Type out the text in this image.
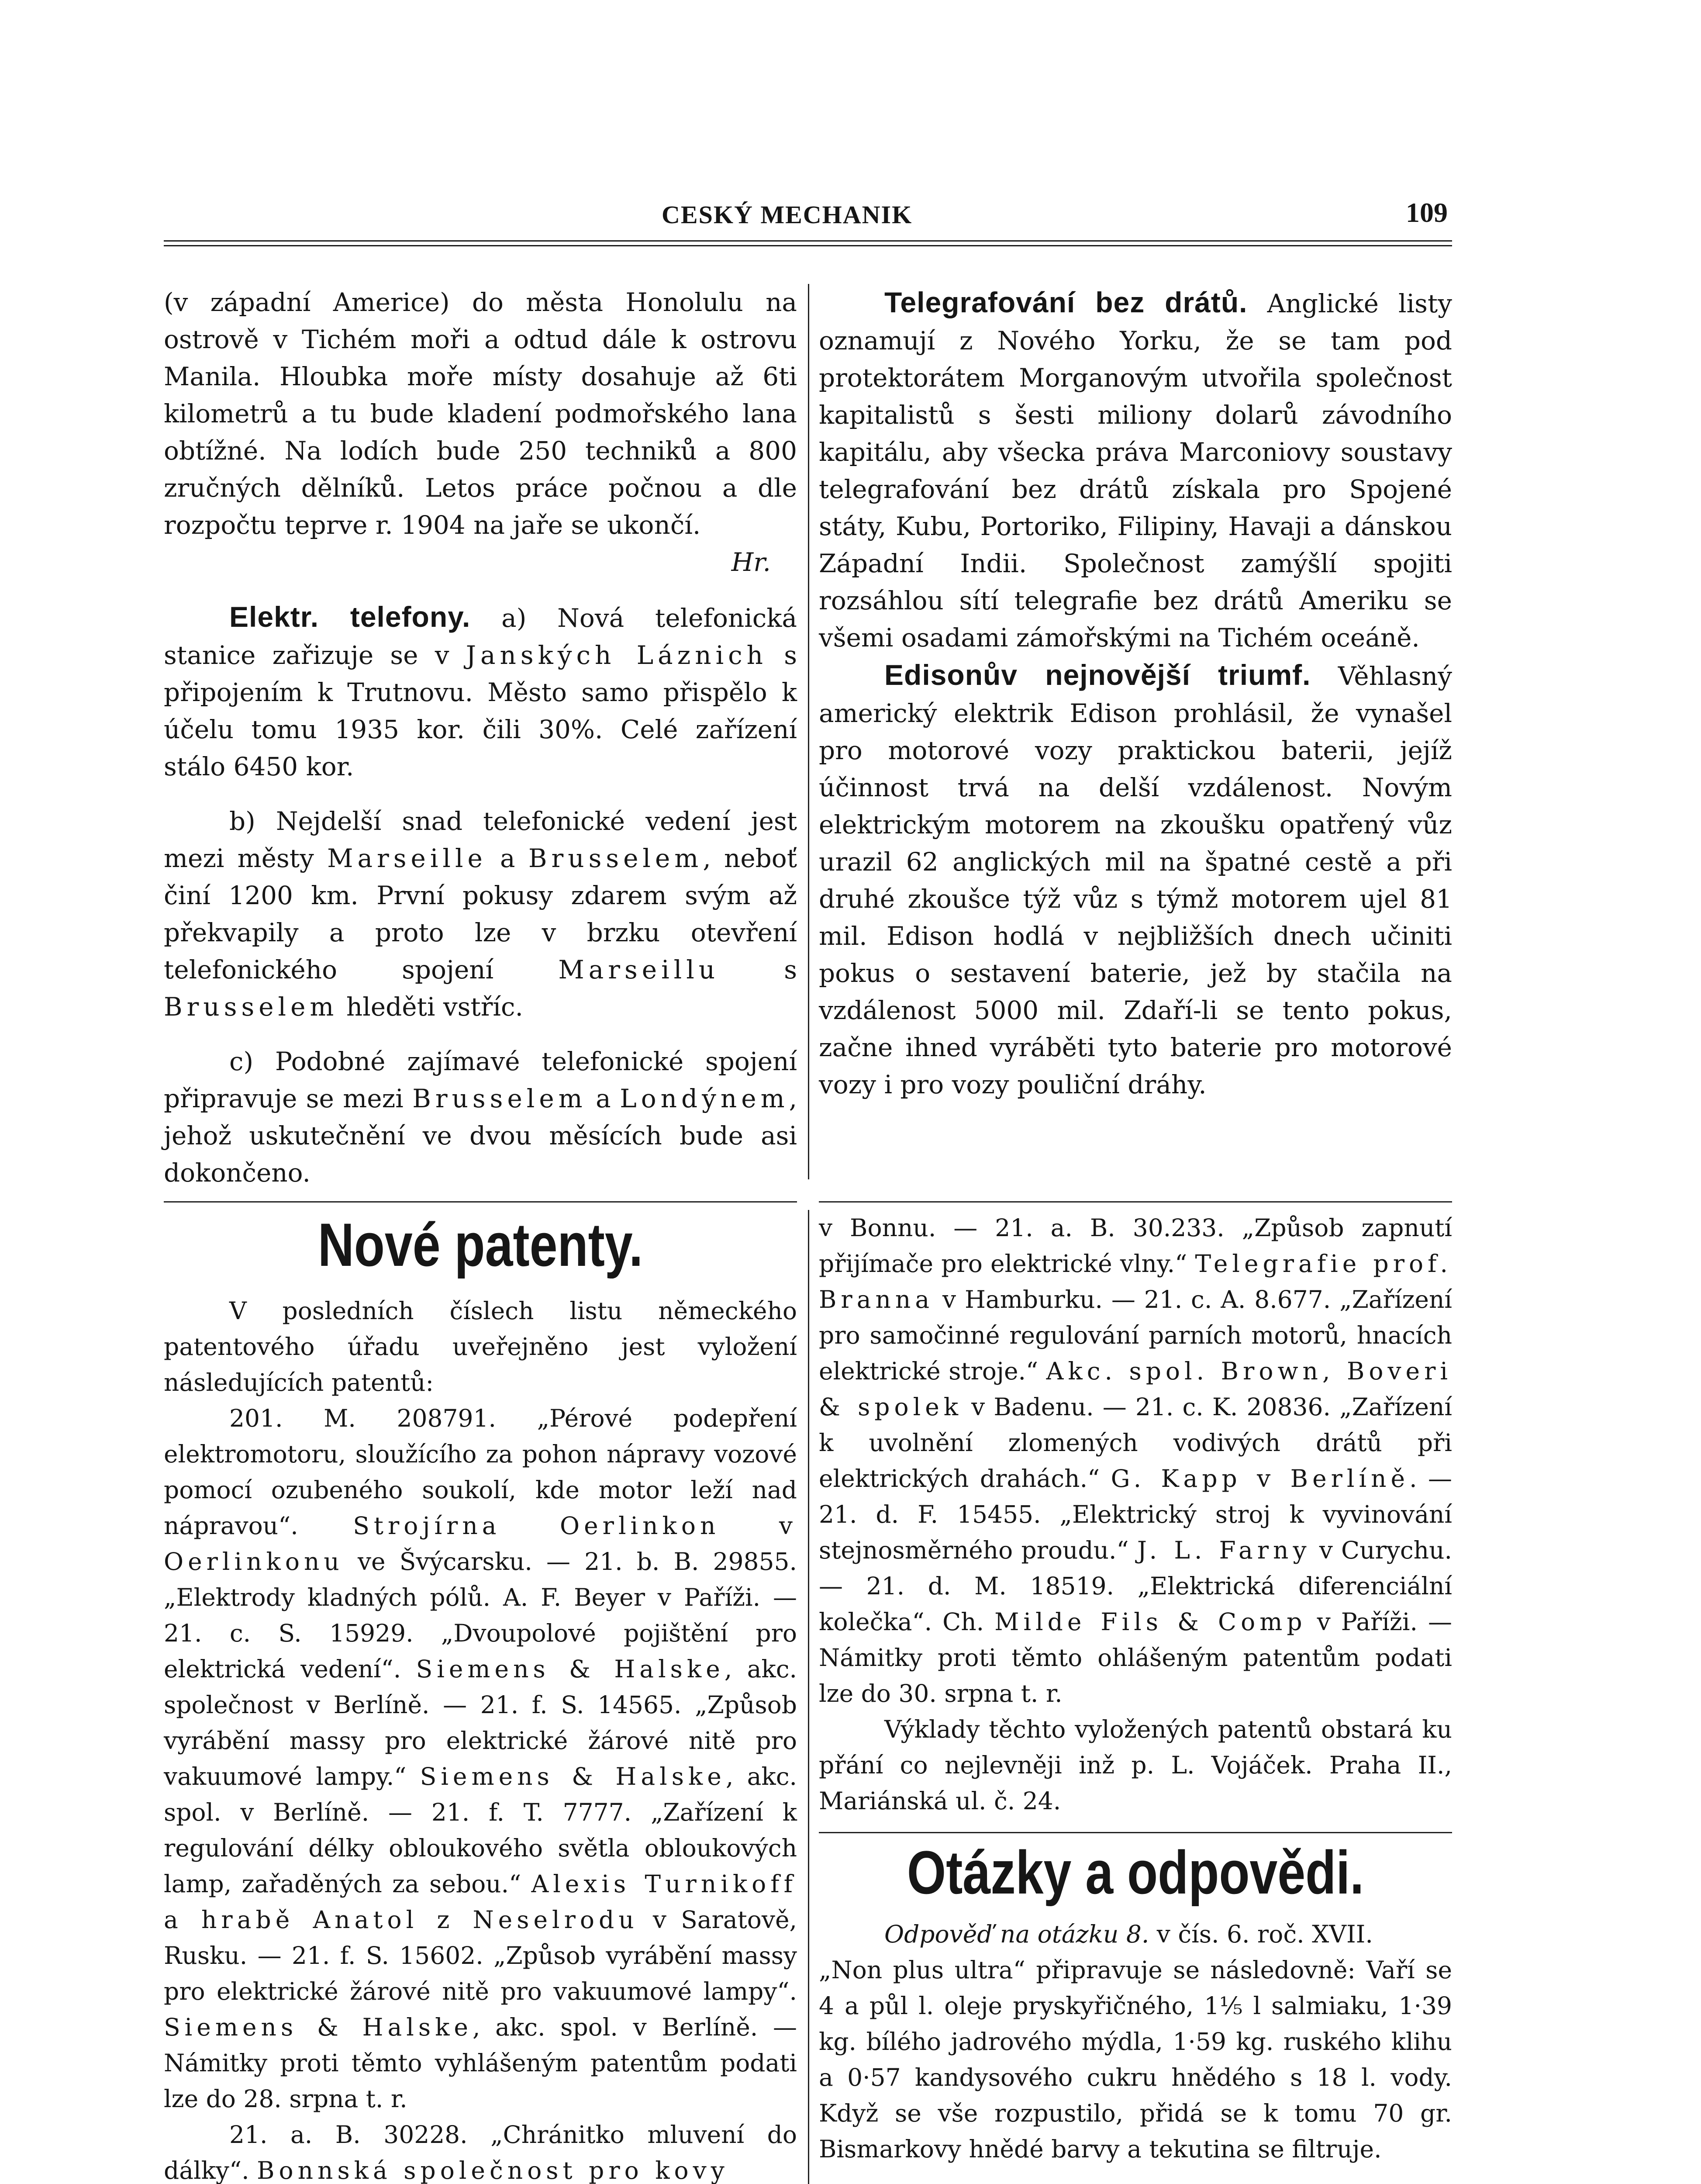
CESKÝ MECHANIK	109

(v západní Americe) do města Honolulu na ostrově v Tichém moři a odtud dále k ostrovu Manila. Hloubka moře místy dosahuje až 6ti kilometrů a tu bude kladení podmořského lana obtížné. Na lodích bude 250 techniků a 800 zručných dělníků. Letos práce počnou a dle rozpočtu teprve r. 1904 na jaře se ukončí.
Hr.

Elektr. telefony. a) Nová telefonická stanice zařizuje se v Janských Láznich s připojením k Trutnovu. Město samo přispělo k účelu tomu 1935 kor. čili 30%. Celé zařízení stálo 6450 kor.

b) Nejdelší snad telefonické vedení jest mezi městy Marseille a Brusselem, neboť činí 1200 km. První pokusy zdarem svým až překvapily a proto lze v brzku otevření telefonického spojení Marseillu s Brusselem hleděti vstříc.

c) Podobné zajímavé telefonické spojení připravuje se mezi Brusselem a Londýnem, jehož uskutečnění ve dvou měsících bude asi dokončeno.

Telegrafování bez drátů. Anglické listy oznamují z Nového Yorku, že se tam pod protektorátem Morganovým utvořila společnost kapitalistů s šesti miliony dolarů závodního kapitálu, aby všecka práva Marconiovy soustavy telegrafování bez drátů získala pro Spojené státy, Kubu, Portoriko, Filipiny, Havaji a dánskou Západní Indii. Společnost zamýšlí spojiti rozsáhlou sítí telegrafie bez drátů Ameriku se všemi osadami zámořskými na Tichém oceáně.

Edisonův nejnovější triumf. Věhlasný americký elektrik Edison prohlásil, že vynašel pro motorové vozy praktickou baterii, jejíž účinnost trvá na delší vzdálenost. Novým elektrickým motorem na zkoušku opatřený vůz urazil 62 anglických mil na špatné cestě a při druhé zkoušce týž vůz s týmž motorem ujel 81 mil. Edison hodlá v nejbližších dnech učiniti pokus o sestavení baterie, jež by stačila na vzdálenost 5000 mil. Zdaří-li se tento pokus, začne ihned vyráběti tyto baterie pro motorové vozy i pro vozy pouliční dráhy.

Nové patenty.

V posledních číslech listu německého patentového úřadu uveřejněno jest vyložení následujících patentů:

201. M. 208791. „Pérové podepření elektromotoru, sloužícího za pohon nápravy vozové pomocí ozubeného soukolí, kde motor leží nad nápravou“. Strojírna Oerlinkon v Oerlinkonu ve Švýcarsku. — 21. b. B. 29855. „Elektrody kladných pólů. A. F. Beyer v Paříži. — 21. c. S. 15929. „Dvoupolové pojištění pro elektrická vedení“. Siemens & Halske, akc. společnost v Berlíně. — 21. f. S. 14565. „Způsob vyrábění massy pro elektrické žárové nitě pro vakuumové lampy.“ Siemens & Halske, akc. spol. v Berlíně. — 21. f. T. 7777. „Zařízení k regulování délky obloukového světla obloukových lamp, zařaděných za sebou.“ Alexis Turnikoff a hrabě Anatol z Neselrodu v Saratově, Rusku. — 21. f. S. 15602. „Způsob vyrábění massy pro elektrické žárové nitě pro vakuumové lampy“. Siemens & Halske, akc. spol. v Berlíně. — Námitky proti těmto vyhlášeným patentům podati lze do 28. srpna t. r.

21. a. B. 30228. „Chránitko mluvení do dálky“. Bonnská společnost pro kovy

v Bonnu. — 21. a. B. 30.233. „Způsob zapnutí přijímače pro elektrické vlny.“ Telegrafie prof. Branna v Hamburku. — 21. c. A. 8.677. „Zařízení pro samočinné regulování parních motorů, hnacích elektrické stroje.“ Akc. spol. Brown, Boveri & spolek v Badenu. — 21. c. K. 20836. „Zařízení k uvolnění zlomených vodivých drátů při elektrických drahách.“ G. Kapp v Berlíně. — 21. d. F. 15455. „Elektrický stroj k vyvinování stejnosměrného proudu.“ J. L. Farny v Curychu. — 21. d. M. 18519. „Elektrická diferenciální kolečka“. Ch. Milde Fils & Comp v Paříži. — Námitky proti těmto ohlášeným patentům podati lze do 30. srpna t. r.

Výklady těchto vyložených patentů obstará ku přání co nejlevněji inž p. L. Vojáček. Praha II., Mariánská ul. č. 24.

Otázky a odpovědi.

Odpověď na otázku 8. v čís. 6. roč. XVII.

„Non plus ultra“ připravuje se následovně: Vaří se 4 a půl l. oleje pryskyřičného, 1⅕ l salmiaku, 1·39 kg. bílého jadrového mýdla, 1·59 kg. ruského klihu a 0·57 kandysového cukru hnědého s 18 l. vody. Když se vše rozpustilo, přidá se k tomu 70 gr. Bismarkovy hnědé barvy a tekutina se filtruje.
